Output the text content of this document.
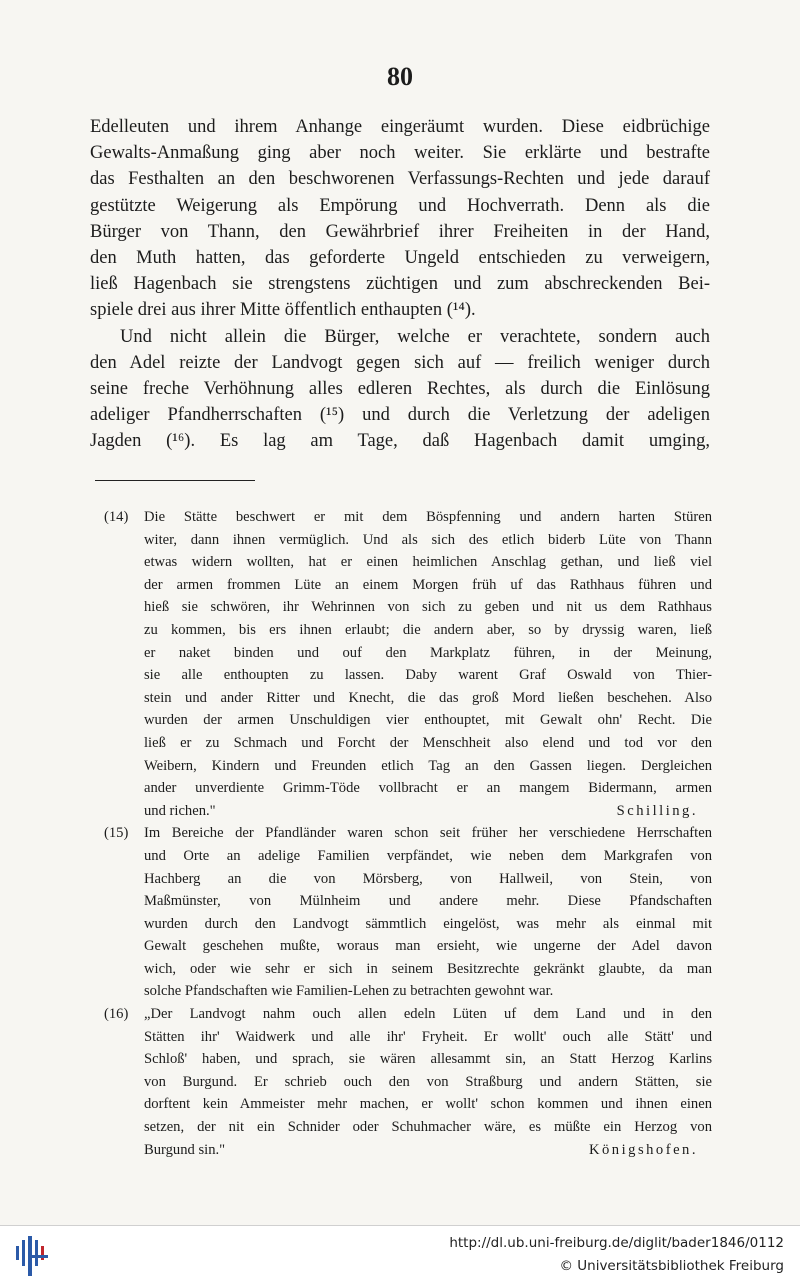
80
Edelleuten und ihrem Anhange eingeräumt wurden. Diese eidbrüchige
Gewalts-Anmaßung ging aber noch weiter. Sie erklärte und bestrafte
das Festhalten an den beschworenen Verfassungs-Rechten und jede darauf
gestützte Weigerung als Empörung und Hochverrath. Denn als die
Bürger von Thann, den Gewährbrief ihrer Freiheiten in der Hand,
den Muth hatten, das geforderte Ungeld entschieden zu verweigern,
ließ Hagenbach sie strengstens züchtigen und zum abschreckenden Bei-
spiele drei aus ihrer Mitte öffentlich enthaupten (¹⁴).
Und nicht allein die Bürger, welche er verachtete, sondern auch
den Adel reizte der Landvogt gegen sich auf — freilich weniger durch
seine freche Verhöhnung alles edleren Rechtes, als durch die Einlösung
adeliger Pfandherrschaften (¹⁵) und durch die Verletzung der adeligen
Jagden (¹⁶). Es lag am Tage, daß Hagenbach damit umging,
(14)	Die Stätte beschwert er mit dem Böspfenning und andern harten Stüren
witer, dann ihnen vermüglich. Und als sich des etlich biderb Lüte von Thann
etwas widern wollten, hat er einen heimlichen Anschlag gethan, und ließ viel
der armen frommen Lüte an einem Morgen früh uf das Rathhaus führen und
hieß sie schwören, ihr Wehrinnen von sich zu geben und nit us dem Rathhaus
zu kommen, bis ers ihnen erlaubt; die andern aber, so by dryssig waren, ließ
er naket binden und ouf den Markplatz führen, in der Meinung,
sie alle enthoupten zu lassen. Daby warent Graf Oswald von Thier-
stein und ander Ritter und Knecht, die das groß Mord ließen beschehen. Also
wurden der armen Unschuldigen vier enthouptet, mit Gewalt ohn' Recht. Die
ließ er zu Schmach und Forcht der Menschheit also elend und tod vor den
Weibern, Kindern und Freunden etlich Tag an den Gassen liegen. Dergleichen
ander unverdiente Grimm-Töde vollbracht er an mangem Bidermann, armen
und richen."	Schilling.
(15)	Im Bereiche der Pfandländer waren schon seit früher her verschiedene Herrschaften
und Orte an adelige Familien verpfändet, wie neben dem Markgrafen von
Hachberg an die von Mörsberg, von Hallweil, von Stein, von
Maßmünster, von Mülnheim und andere mehr. Diese Pfandschaften
wurden durch den Landvogt sämmtlich eingelöst, was mehr als einmal mit
Gewalt geschehen mußte, woraus man ersieht, wie ungerne der Adel davon
wich, oder wie sehr er sich in seinem Besitzrechte gekränkt glaubte, da man
solche Pfandschaften wie Familien-Lehen zu betrachten gewohnt war.
(16)	„Der Landvogt nahm ouch allen edeln Lüten uf dem Land und in den
Stätten ihr' Waidwerk und alle ihr' Fryheit. Er wollt' ouch alle Stätt' und
Schloß' haben, und sprach, sie wären allesammt sin, an Statt Herzog Karlins
von Burgund. Er schrieb ouch den von Straßburg und andern Stätten, sie
dorftent kein Ammeister mehr machen, er wollt' schon kommen und ihnen einen
setzen, der nit ein Schnider oder Schuhmacher wäre, es müßte ein Herzog von
Burgund sin."	Königshofen.
http://dl.ub.uni-freiburg.de/diglit/bader1846/0112
© Universitätsbibliothek Freiburg
